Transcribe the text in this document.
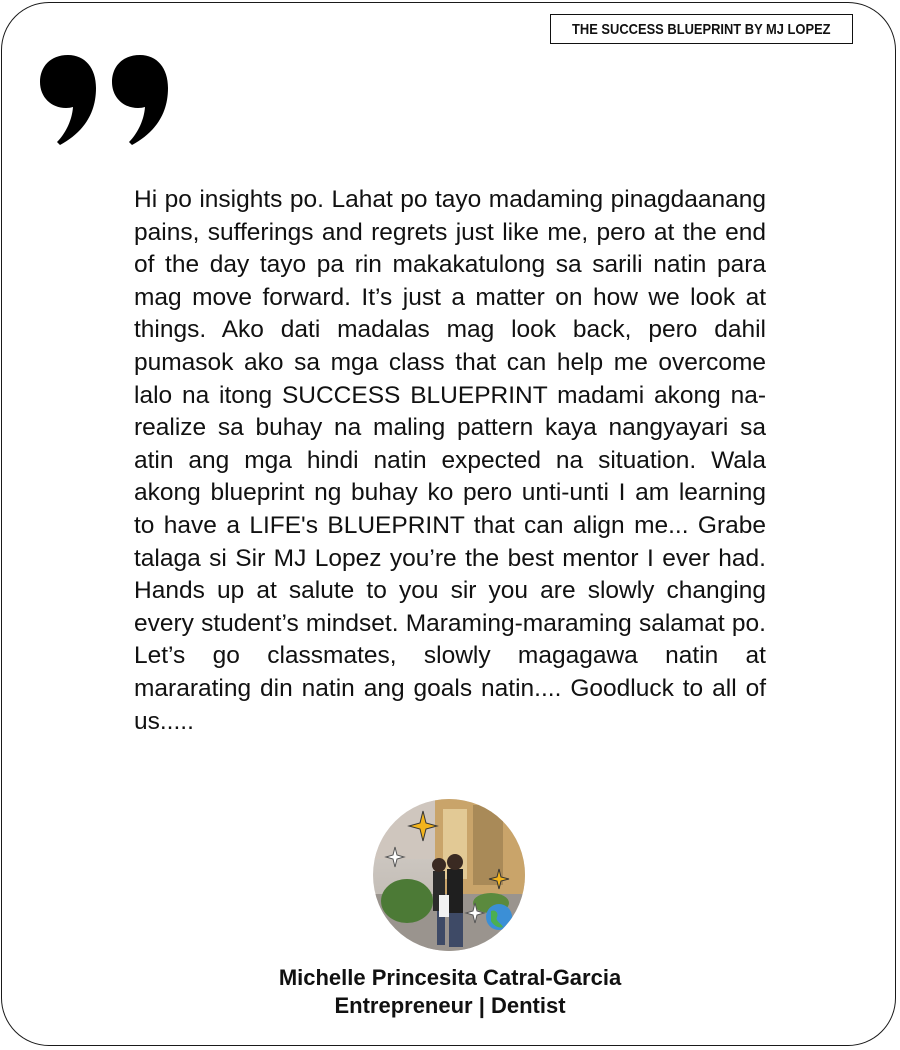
THE SUCCESS BLUEPRINT BY MJ LOPEZ

Hi po insights po. Lahat po tayo madaming pinagdaanang pains, sufferings and regrets just like me, pero at the end of the day tayo pa rin makakatulong sa sarili natin para mag move forward. It’s just a matter on how we look at things. Ako dati madalas mag look back, pero dahil pumasok ako sa mga class that can help me overcome lalo na itong SUCCESS BLUEPRINT madami akong na-realize sa buhay na maling pattern kaya nangyayari sa atin ang mga hindi natin expected na situation. Wala akong blueprint ng buhay ko pero unti-unti I am learning to have a LIFE's BLUEPRINT that can align me... Grabe talaga si Sir MJ Lopez you’re the best mentor I ever had. Hands up at salute to you sir you are slowly changing every student’s mindset. Maraming-maraming salamat po. Let’s go classmates, slowly magagawa natin at mararating din natin ang goals natin.... Goodluck to all of us.....

Michelle Princesita Catral-Garcia

Entrepreneur | Dentist
